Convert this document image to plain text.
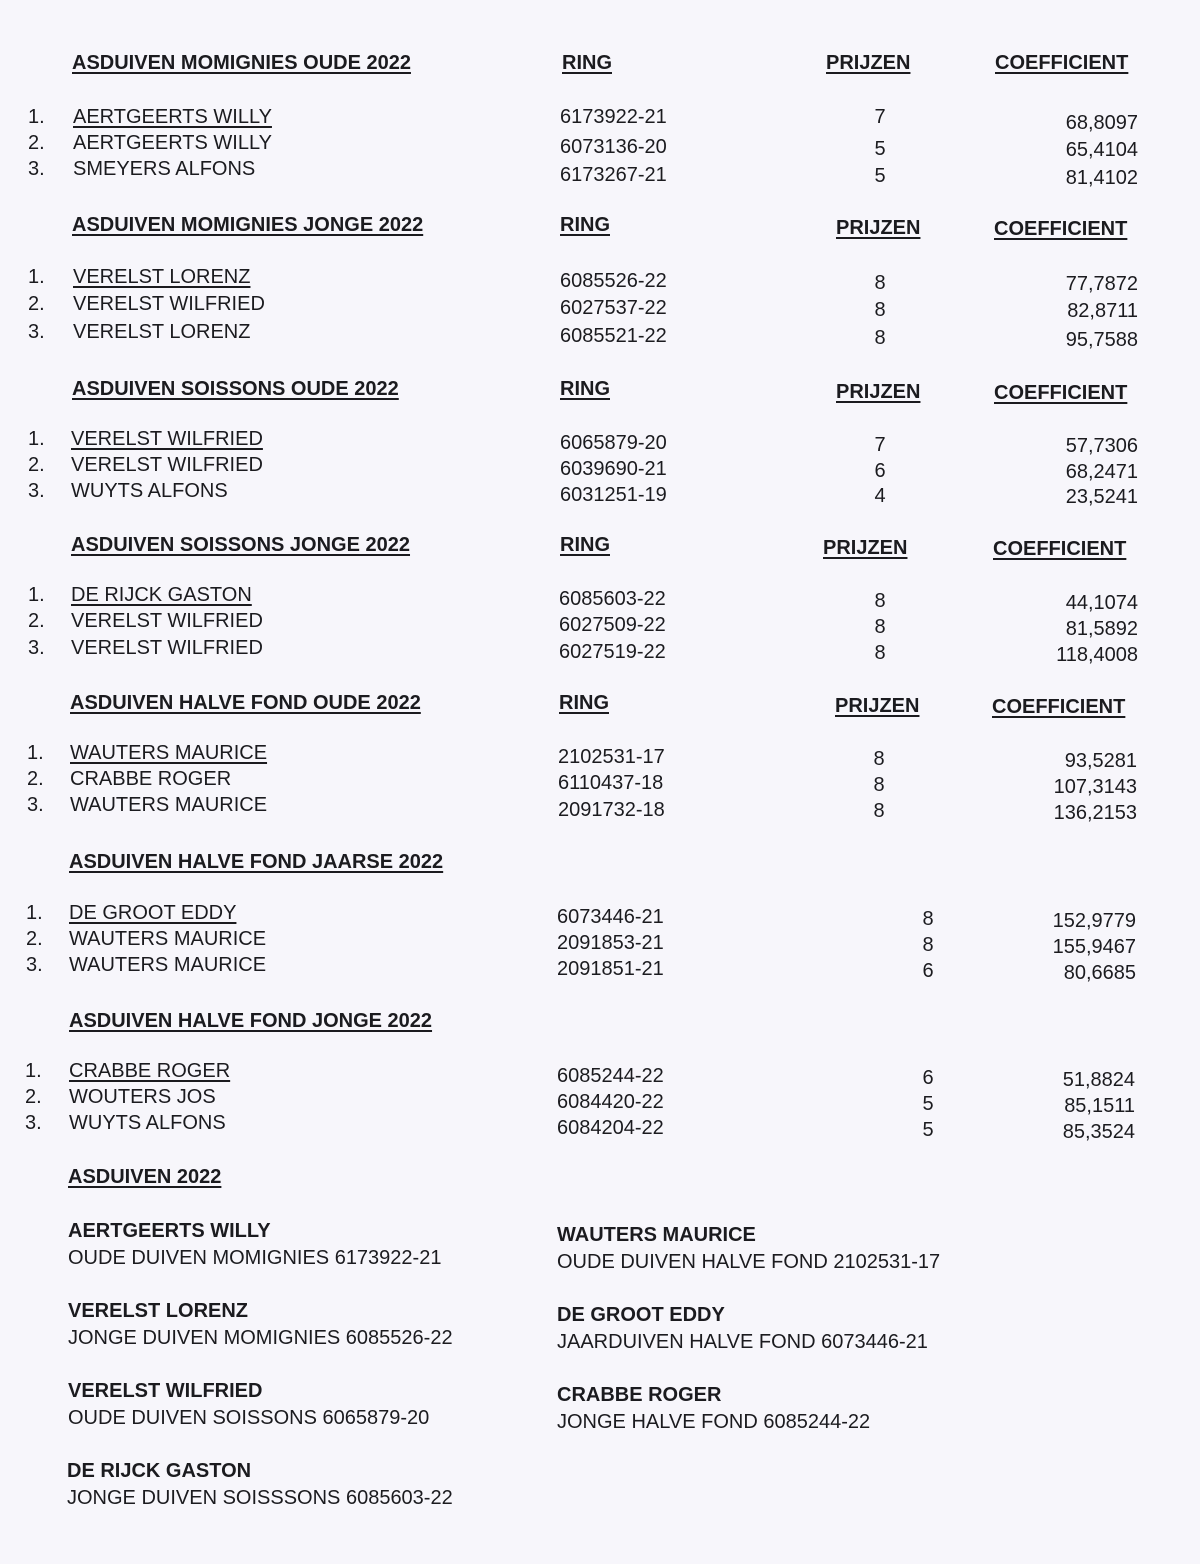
ASDUIVEN MOMIGNIES OUDE 2022	RING	PRIJZEN	COEFFICIENT
1. AERTGEERTS WILLY	6173922-21	7	68,8097
2. AERTGEERTS WILLY	6073136-20	5	65,4104
3. SMEYERS ALFONS	6173267-21	5	81,4102
ASDUIVEN MOMIGNIES JONGE 2022	RING	PRIJZEN	COEFFICIENT
1. VERELST LORENZ	6085526-22	8	77,7872
2. VERELST WILFRIED	6027537-22	8	82,8711
3. VERELST LORENZ	6085521-22	8	95,7588
ASDUIVEN SOISSONS OUDE 2022	RING	PRIJZEN	COEFFICIENT
1. VERELST WILFRIED	6065879-20	7	57,7306
2. VERELST WILFRIED	6039690-21	6	68,2471
3. WUYTS ALFONS	6031251-19	4	23,5241
ASDUIVEN SOISSONS JONGE 2022	RING	PRIJZEN	COEFFICIENT
1. DE RIJCK GASTON	6085603-22	8	44,1074
2. VERELST WILFRIED	6027509-22	8	81,5892
3. VERELST WILFRIED	6027519-22	8	118,4008
ASDUIVEN HALVE FOND OUDE 2022	RING	PRIJZEN	COEFFICIENT
1. WAUTERS MAURICE	2102531-17	8	93,5281
2. CRABBE ROGER	6110437-18	8	107,3143
3. WAUTERS MAURICE	2091732-18	8	136,2153
ASDUIVEN HALVE FOND JAARSE 2022
1. DE GROOT EDDY	6073446-21	8	152,9779
2. WAUTERS MAURICE	2091853-21	8	155,9467
3. WAUTERS MAURICE	2091851-21	6	80,6685
ASDUIVEN HALVE FOND JONGE 2022
1. CRABBE ROGER	6085244-22	6	51,8824
2. WOUTERS JOS	6084420-22	5	85,1511
3. WUYTS ALFONS	6084204-22	5	85,3524
ASDUIVEN 2022
AERTGEERTS WILLY
OUDE DUIVEN MOMIGNIES 6173922-21
VERELST LORENZ
JONGE DUIVEN MOMIGNIES 6085526-22
VERELST WILFRIED
OUDE DUIVEN SOISSONS 6065879-20
DE RIJCK GASTON
JONGE DUIVEN SOISSSONS 6085603-22
WAUTERS MAURICE
OUDE DUIVEN HALVE FOND 2102531-17
DE GROOT EDDY
JAARDUIVEN HALVE FOND 6073446-21
CRABBE ROGER
JONGE HALVE FOND 6085244-22
